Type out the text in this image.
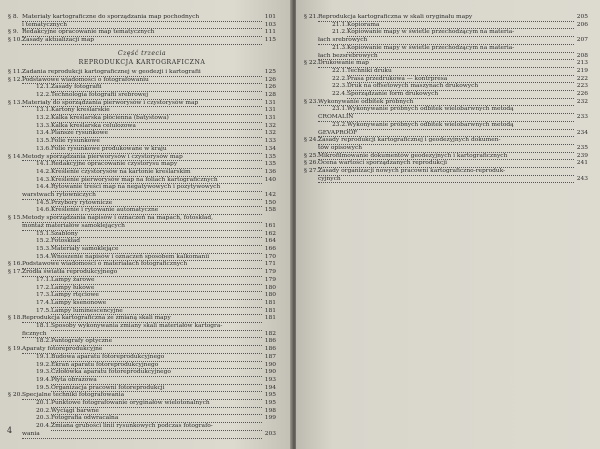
§ 8. Materiały kartograficzne do sporządzania map pochodnych	101
i tematycznych	103
§ 9. Redakcyjne opracowanie map tematycznych	111
§ 10. Zasady aktualizacji map	115
Część trzecia
REPRODUKCJA KARTOGRAFICZNA
§ 11. Zadania reprodukcji kartograficznej w geodezji i kartografii	125
§ 12. Podstawowe wiadomości o fotografowaniu	126
12.1. Zasady fotografii	126
12.2. Technologia fotografii srebrowej	128
§ 13. Materiały do sporządzania pierworysów i czystorysów map	131
13.1. Kartony kreślarskie	131
13.2. Kalka kreślarska płócienna (batystowa)	131
13.3. Kalka kreślarska celulozowa	132
13.4. Plansze rysunkowe	132
13.5. Folie rysunkowe	133
13.6. Folie rysunkowe produkowane w kraju	134
§ 14. Metody sporządzania pierworysów i czystorysów map	135
14.1. Redakcyjne opracowanie czystorysu mapy	135
14.2. Kreślenie czystorysów na kartonie kreślarskim	136
14.3. Kreślenie pierworysów map na foliach kartograficznych	140
14.4. Rytowanie treści map na negatywowych i pozytywowych
warstwach rytowniczych	142
14.5. Przybory rytownicze	150
14.6. Kreślenie i rytowanie automatyczne	158
§ 15. Metody sporządzania napisów i oznaczeń na mapach, fotoskład,
montaż materiałów samoklejących	161
15.1. Szablony	162
15.2. Fotoskład	164
15.3. Materiały samoklejące	166
15.4. Wnoszenie napisów i oznaczeń sposobem kalkomanii	170
§ 16. Podstawowe wiadomości o materiałach fotograficznych	171
§ 17. Źródła światła reprodukcyjnego	179
17.1. Lampy żarowe	179
17.2. Lampy łukowe	180
17.3. Lampy rtęciowe	180
17.4. Lampy ksenonowe	181
17.5. Lampy luminescencyjne	181
§ 18. Reprodukcja kartograficzna ze zmianą skali mapy	181
18.1. Sposoby wykonywania zmiany skali materiałów kartogra-
ficznych	182
18.2. Pantografy optyczne	186
§ 19. Aparaty fotoreprodukcyjne	186
19.1. Budowa aparatu fotoreprodukcyjnego	187
19.2. Ekran aparatu fotoreprodukcyjnego	190
19.3. Człołówka aparatu fotoreprodukcyjnego	190
19.4. Płyta obrazowa	193
19.5. Organizacja pracowni fotoreprodukcji	194
§ 20. Specjalne techniki fotografowania	195
20.1. Punktowe fotografowanie oryginałów wielotonalnych	195
20.2. Wyciągi barwne	198
20.3. Fotografia odwracalna	199
20.4. Zmiana grubości linii rysunkowych podczas fotografo-
wania	203
4
§ 21. Reprodukcja kartograficzna w skali oryginału mapy	205
21.1. Kopiorama	206
21.2. Kopiowanie mapy w świetle przechodzącym na materia-
łach srebrowych	207
21.3. Kopiowanie mapy w świetle przechodzącym na materia-
łach bezsrebrowych	208
§ 22. Drukowanie map	213
22.1. Techniki druku	219
22.2. Prasa przedrukowa — kontrpresa	222
22.3. Druk na offsetowych maszynach drukowych	223
22.4. Sporządzanie form drukowych	226
§ 23. Wykonywanie odbitek próbnych	232
23.1. Wykonywanie próbnych odbitek wielobarwnych metodą
CROMALIN	233
23.2. Wykonywanie próbnych odbitek wielobarwnych metodą
GEVAPROOF	234
§ 24. Zasady reprodukcji kartograficznej i geodezyjnych dokumen-
tów opisowych	235
§ 25. Mikrofilmowanie dokumentów geodezyjnych i kartograficznych	239
§ 26. Ocena wartości sporządzanych reprodukcji	241
§ 27. Zasady organizacji nowych pracowni kartograficzno-reproduk-
cyjnych	243
